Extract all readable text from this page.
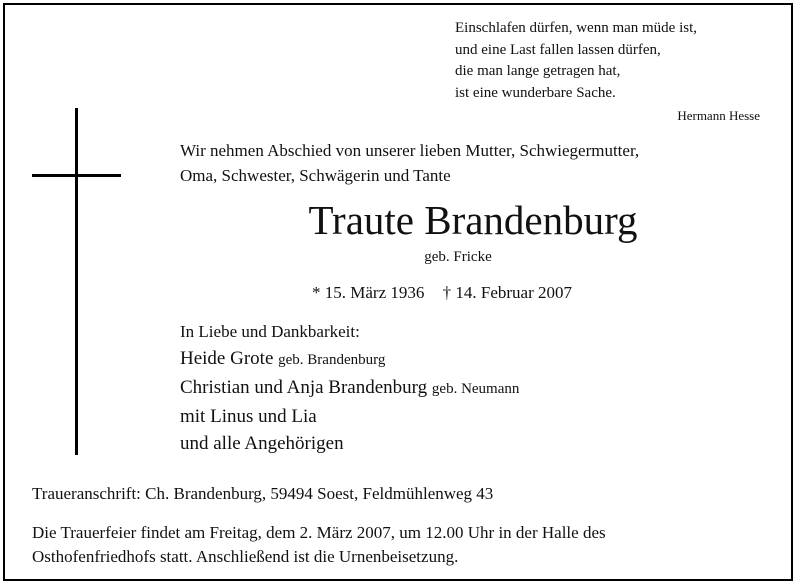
Einschlafen dürfen, wenn man müde ist,
und eine Last fallen lassen dürfen,
die man lange getragen hat,
ist eine wunderbare Sache.
Hermann Hesse
Wir nehmen Abschied von unserer lieben Mutter, Schwiegermutter,
Oma, Schwester, Schwägerin und Tante
Traute Brandenburg
geb. Fricke
* 15. März 1936 † 14. Februar 2007
In Liebe und Dankbarkeit:
Heide Grote geb. Brandenburg
Christian und Anja Brandenburg geb. Neumann
mit Linus und Lia
und alle Angehörigen
Traueranschrift: Ch. Brandenburg, 59494 Soest, Feldmühlenweg 43
Die Trauerfeier findet am Freitag, dem 2. März 2007, um 12.00 Uhr in der Halle des
Osthofenfriedhofs statt. Anschließend ist die Urnenbeisetzung.
